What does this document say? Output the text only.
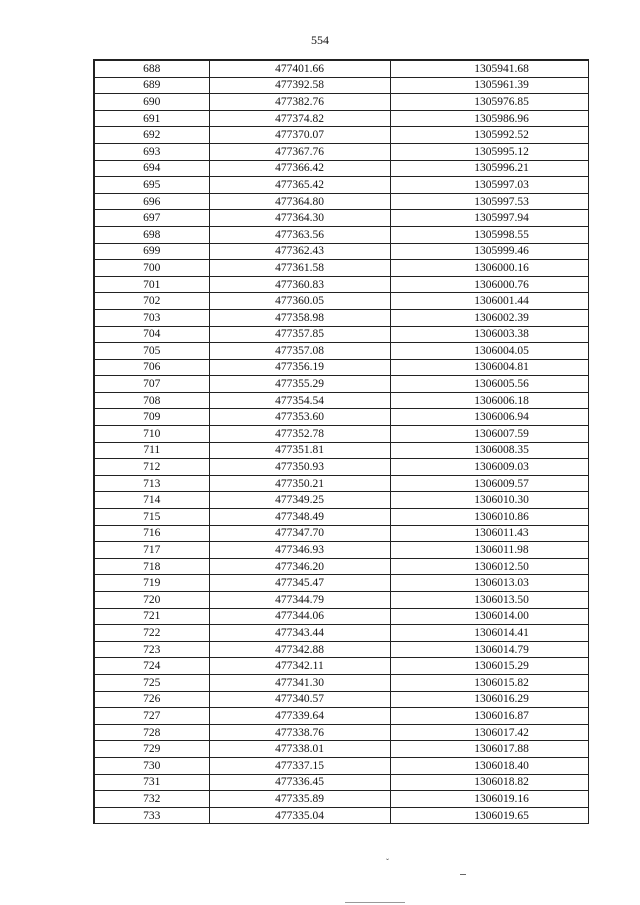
554
688	477401.66	1305941.68
689	477392.58	1305961.39
690	477382.76	1305976.85
691	477374.82	1305986.96
692	477370.07	1305992.52
693	477367.76	1305995.12
694	477366.42	1305996.21
695	477365.42	1305997.03
696	477364.80	1305997.53
697	477364.30	1305997.94
698	477363.56	1305998.55
699	477362.43	1305999.46
700	477361.58	1306000.16
701	477360.83	1306000.76
702	477360.05	1306001.44
703	477358.98	1306002.39
704	477357.85	1306003.38
705	477357.08	1306004.05
706	477356.19	1306004.81
707	477355.29	1306005.56
708	477354.54	1306006.18
709	477353.60	1306006.94
710	477352.78	1306007.59
711	477351.81	1306008.35
712	477350.93	1306009.03
713	477350.21	1306009.57
714	477349.25	1306010.30
715	477348.49	1306010.86
716	477347.70	1306011.43
717	477346.93	1306011.98
718	477346.20	1306012.50
719	477345.47	1306013.03
720	477344.79	1306013.50
721	477344.06	1306014.00
722	477343.44	1306014.41
723	477342.88	1306014.79
724	477342.11	1306015.29
725	477341.30	1306015.82
726	477340.57	1306016.29
727	477339.64	1306016.87
728	477338.76	1306017.42
729	477338.01	1306017.88
730	477337.15	1306018.40
731	477336.45	1306018.82
732	477335.89	1306019.16
733	477335.04	1306019.65
ˇ
